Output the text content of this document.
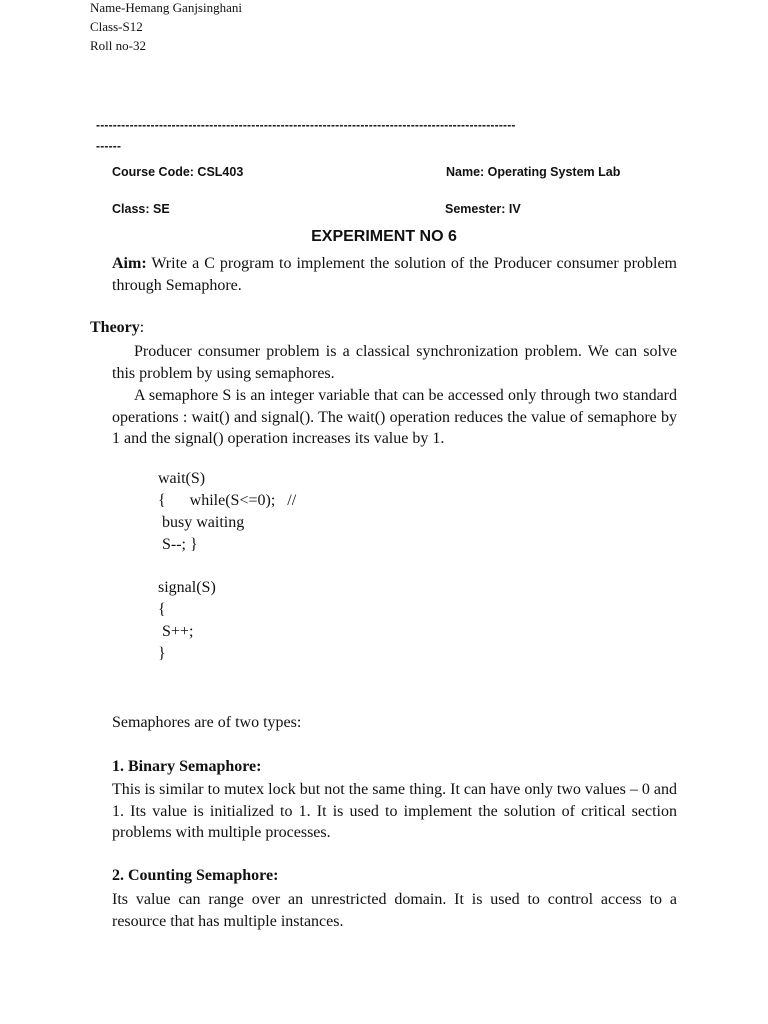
Name-Hemang Ganjsinghani
Class-S12
Roll no-32
----------------------------------------------------------------------------------------------------
------
Course Code: CSL403	Name: Operating System Lab
Class: SE	Semester: IV
EXPERIMENT NO 6
Aim: Write a C program to implement the solution of the Producer consumer problem through Semaphore.
Theory:
Producer consumer problem is a classical synchronization problem. We can solve this problem by using semaphores.
A semaphore S is an integer variable that can be accessed only through two standard operations : wait() and signal(). The wait() operation reduces the value of semaphore by 1 and the signal() operation increases its value by 1.
wait(S)
{      while(S<=0);   //
busy waiting
S--; }
signal(S)
{
S++;
}
Semaphores are of two types:
1. Binary Semaphore:
This is similar to mutex lock but not the same thing. It can have only two values – 0 and 1. Its value is initialized to 1. It is used to implement the solution of critical section problems with multiple processes.
2. Counting Semaphore:
Its value can range over an unrestricted domain. It is used to control access to a resource that has multiple instances.
